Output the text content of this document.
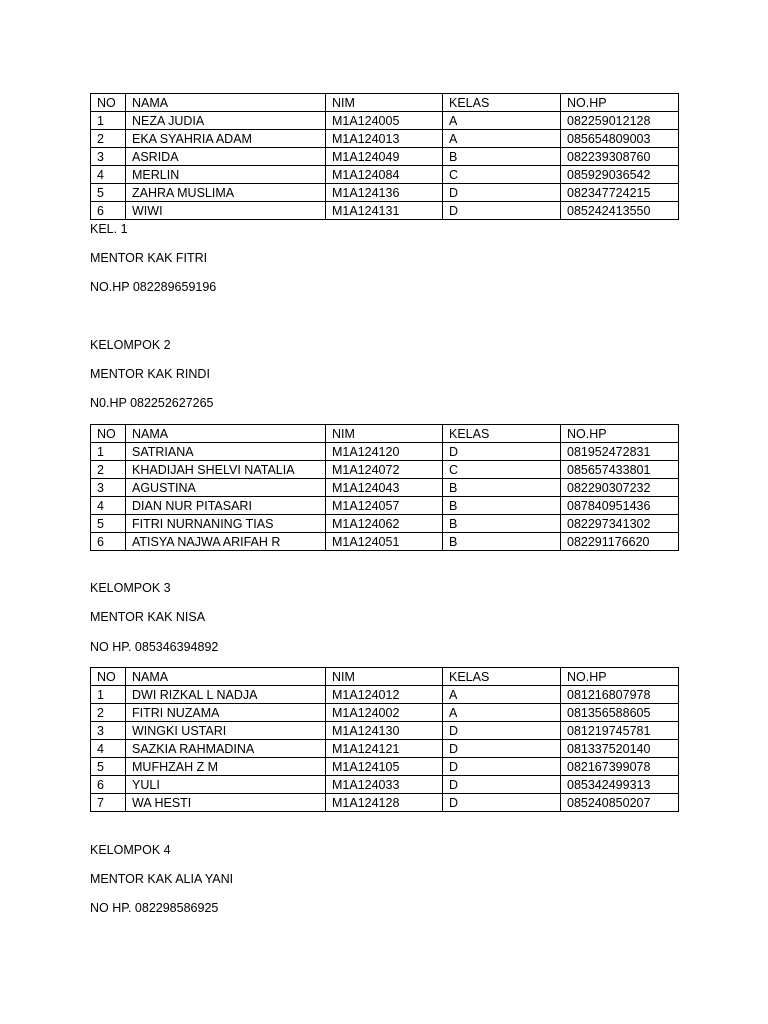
NO	NAMA	NIM	KELAS	NO.HP
1	NEZA JUDIA	M1A124005	A	082259012128
2	EKA SYAHRIA ADAM	M1A124013	A	085654809003
3	ASRIDA	M1A124049	B	082239308760
4	MERLIN	M1A124084	C	085929036542
5	ZAHRA MUSLIMA	M1A124136	D	082347724215
6	WIWI	M1A124131	D	085242413550
KEL. 1
MENTOR KAK FITRI
NO.HP 082289659196
KELOMPOK 2
MENTOR KAK RINDI
N0.HP 082252627265
NO	NAMA	NIM	KELAS	NO.HP
1	SATRIANA	M1A124120	D	081952472831
2	KHADIJAH SHELVI NATALIA	M1A124072	C	085657433801
3	AGUSTINA	M1A124043	B	082290307232
4	DIAN NUR PITASARI	M1A124057	B	087840951436
5	FITRI NURNANING TIAS	M1A124062	B	082297341302
6	ATISYA NAJWA ARIFAH R	M1A124051	B	082291176620
KELOMPOK 3
MENTOR KAK NISA
NO HP. 085346394892
NO	NAMA	NIM	KELAS	NO.HP
1	DWI RIZKAL L NADJA	M1A124012	A	081216807978
2	FITRI NUZAMA	M1A124002	A	081356588605
3	WINGKI USTARI	M1A124130	D	081219745781
4	SAZKIA RAHMADINA	M1A124121	D	081337520140
5	MUFHZAH Z M	M1A124105	D	082167399078
6	YULI	M1A124033	D	085342499313
7	WA HESTI	M1A124128	D	085240850207
KELOMPOK 4
MENTOR KAK ALIA YANI
NO HP. 082298586925
